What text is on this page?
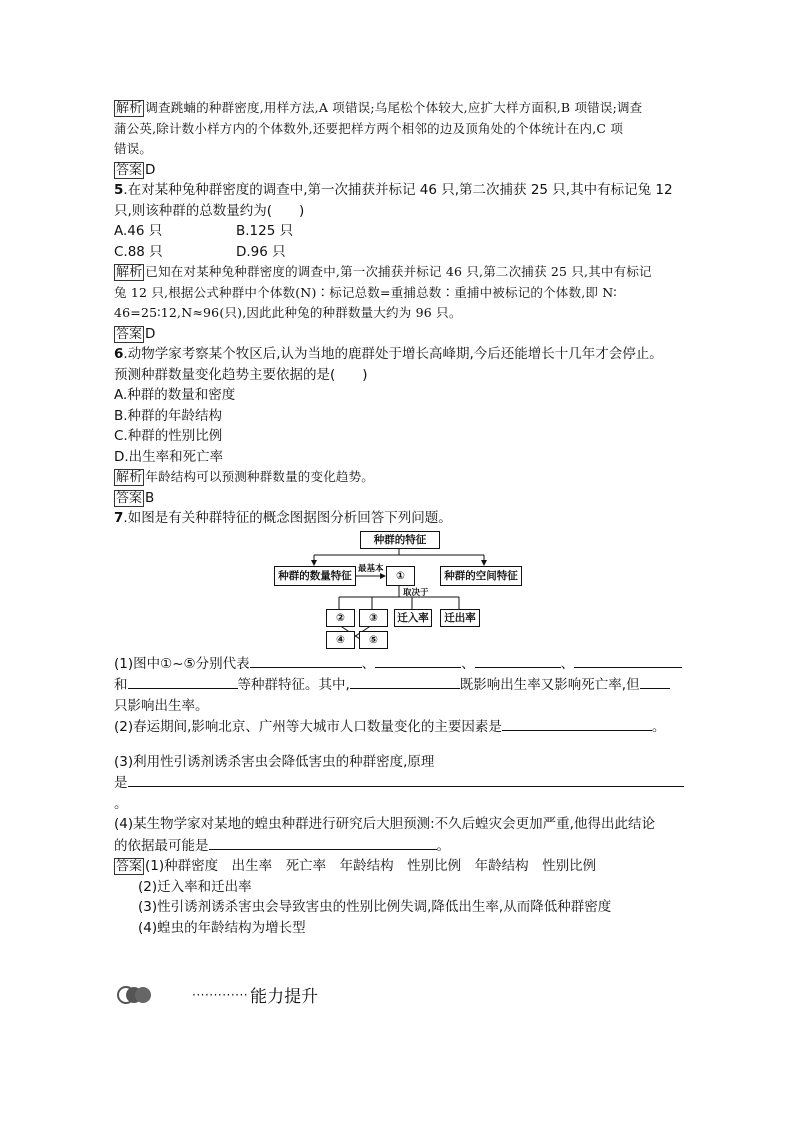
解析 调查跳蝻的种群密度,用样方法,A 项错误;乌尾松个体较大,应扩大样方面积,B 项错误;调查
蒲公英,除计数小样方内的个体数外,还要把样方两个相邻的边及顶角处的个体统计在内,C 项
错误。
答案 D
5.在对某种兔种群密度的调查中,第一次捕获并标记 46 只,第二次捕获 25 只,其中有标记兔 12
只,则该种群的总数量约为(　　)
A.46 只	B.125 只
C.88 只	D.96 只
解析 已知在对某种兔种群密度的调查中,第一次捕获并标记 46 只,第二次捕获 25 只,其中有标记
兔 12 只,根据公式种群中个体数(N)∶标记总数=重捕总数∶重捕中被标记的个体数,即 N∶
46=25∶12,N≈96(只),因此此种兔的种群数量大约为 96 只。
答案 D
6.动物学家考察某个牧区后,认为当地的鹿群处于增长高峰期,今后还能增长十几年才会停止。
预测种群数量变化趋势主要依据的是(　　)
A.种群的数量和密度
B.种群的年龄结构
C.种群的性别比例
D.出生率和死亡率
解析 年龄结构可以预测种群数量的变化趋势。
答案 B
7.如图是有关种群特征的概念图据图分析回答下列问题。
种群的特征
种群的数量特征	①	种群的空间特征
最基本
取决于
②	③	迁入率	迁出率
④	⑤
(1)图中①~⑤分别代表	、	、	、
和	等种群特征。其中,	既影响出生率又影响死亡率,但
只影响出生率。
(2)春运期间,影响北京、广州等大城市人口数量变化的主要因素是	。
(3)利用性引诱剂诱杀害虫会降低害虫的种群密度,原理
是
。
(4)某生物学家对某地的蝗虫种群进行研究后大胆预测:不久后蝗灾会更加严重,他得出此结论
的依据最可能是	。
答案 (1)种群密度　出生率　死亡率　年龄结构　性别比例　年龄结构　性别比例
(2)迁入率和迁出率
(3)性引诱剂诱杀害虫会导致害虫的性别比例失调,降低出生率,从而降低种群密度
(4)蝗虫的年龄结构为增长型
············· 能力提升
